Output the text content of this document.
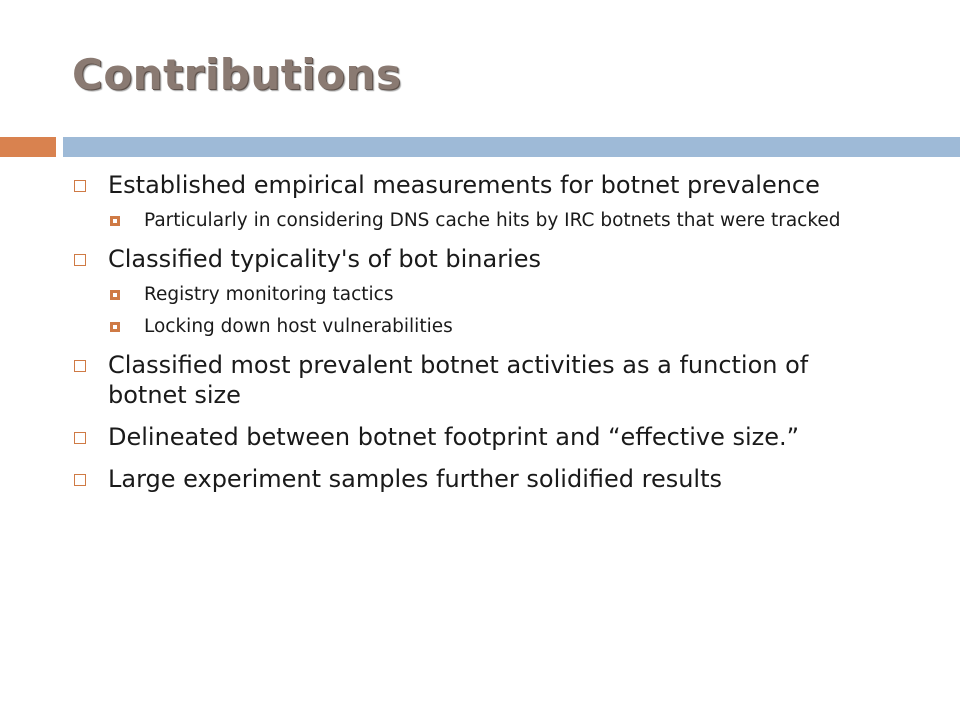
Contributions
Established empirical measurements for botnet prevalence
Particularly in considering DNS cache hits by IRC botnets that were tracked
Classified typicality's of bot binaries
Registry monitoring tactics
Locking down host vulnerabilities
Classified most prevalent botnet activities as a function of botnet size
Delineated between botnet footprint and “effective size.”
Large experiment samples further solidified results
